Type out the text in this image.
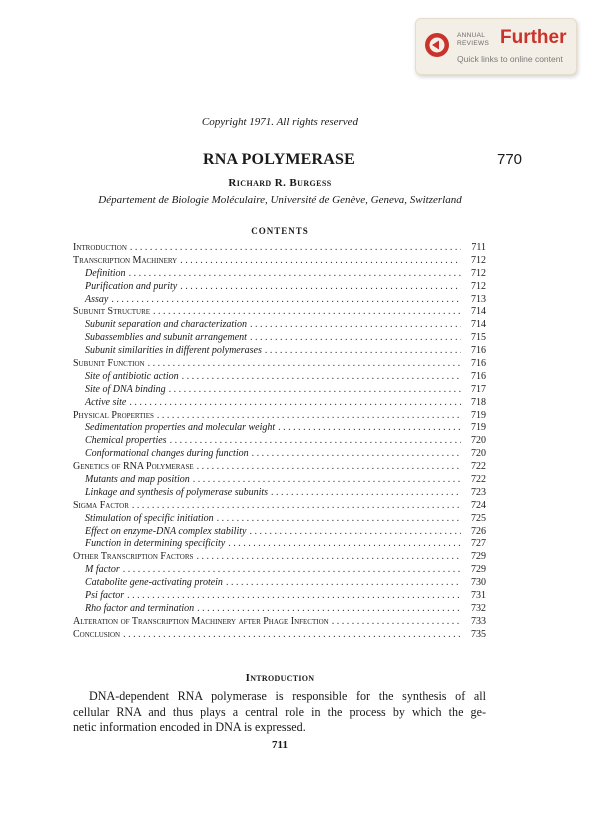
ANNUAL
REVIEWS Further
Quick links to online content
Copyright 1971. All rights reserved
RNA POLYMERASE	770
Richard R. Burgess
Département de Biologie Moléculaire, Université de Genève, Geneva, Switzerland
CONTENTS
Introduction . . .	711
Transcription Machinery . . .	712
Definition . . .	712
Purification and purity . . .	712
Assay . . .	713
Subunit Structure . . .	714
Subunit separation and characterization . . .	714
Subassemblies and subunit arrangement . . .	715
Subunit similarities in different polymerases . . .	716
Subunit Function . . .	716
Site of antibiotic action . . .	716
Site of DNA binding . . .	717
Active site . . .	718
Physical Properties . . .	719
Sedimentation properties and molecular weight . . .	719
Chemical properties . . .	720
Conformational changes during function . . .	720
Genetics of RNA Polymerase . . .	722
Mutants and map position . . .	722
Linkage and synthesis of polymerase subunits . . .	723
Sigma Factor . . .	724
Stimulation of specific initiation . . .	725
Effect on enzyme-DNA complex stability . . .	726
Function in determining specificity . . .	727
Other Transcription Factors . . .	729
M factor . . .	729
Catabolite gene-activating protein . . .	730
Psi factor . . .	731
Rho factor and termination . . .	732
Alteration of Transcription Machinery after Phage Infection . . .	733
Conclusion . . .	735
Introduction
DNA-dependent RNA polymerase is responsible for the synthesis of all
cellular RNA and thus plays a central role in the process by which the ge-
netic information encoded in DNA is expressed.
711
